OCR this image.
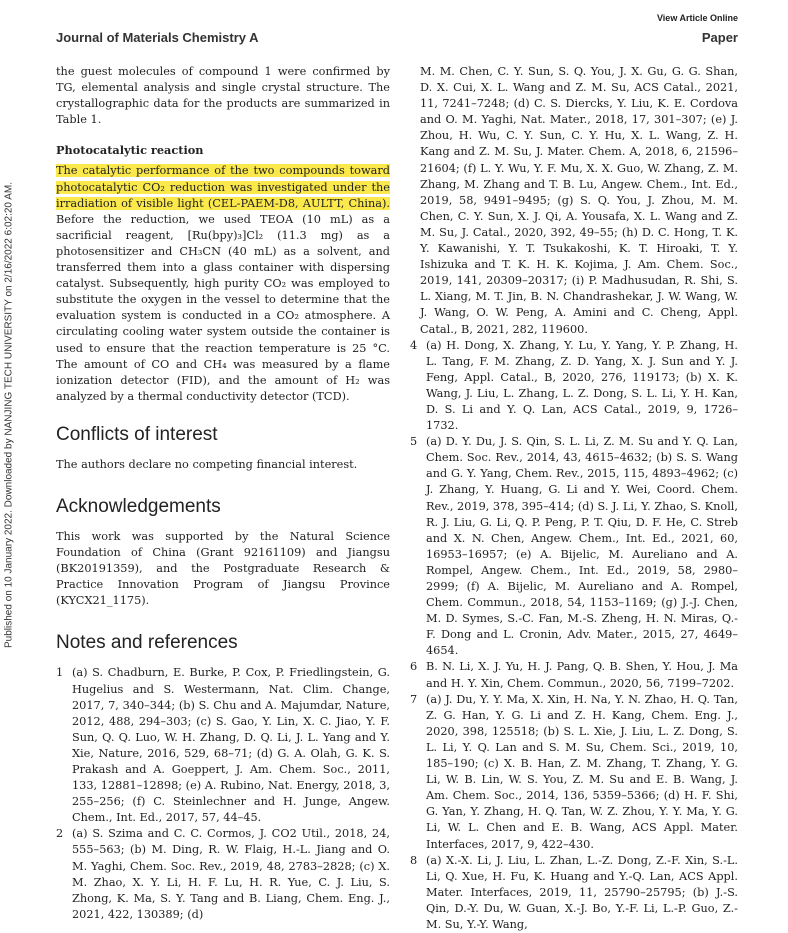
Published on 10 January 2022. Downloaded by NANJING TECH UNIVERSITY on 2/16/2022 6:02:20 AM.
View Article Online
Journal of Materials Chemistry A	Paper

the guest molecules of compound 1 were confirmed by TG, elemental analysis and single crystal structure. The crystallographic data for the products are summarized in Table 1.

Photocatalytic reaction

The catalytic performance of the two compounds toward photocatalytic CO₂ reduction was investigated under the irradiation of visible light (CEL-PAEM-D8, AULTT, China). Before the reduction, we used TEOA (10 mL) as a sacrificial reagent, [Ru(bpy)₃]Cl₂ (11.3 mg) as a photosensitizer and CH₃CN (40 mL) as a solvent, and transferred them into a glass container with dispersing catalyst. Subsequently, high purity CO₂ was employed to substitute the oxygen in the vessel to determine that the evaluation system is conducted in a CO₂ atmosphere. A circulating cooling water system outside the container is used to ensure that the reaction temperature is 25 °C. The amount of CO and CH₄ was measured by a flame ionization detector (FID), and the amount of H₂ was analyzed by a thermal conductivity detector (TCD).

Conflicts of interest

The authors declare no competing financial interest.

Acknowledgements

This work was supported by the Natural Science Foundation of China (Grant 92161109) and Jiangsu (BK20191359), and the Postgraduate Research & Practice Innovation Program of Jiangsu Province (KYCX21_1175).

Notes and references
1 (a) S. Chadburn, E. Burke, P. Cox, P. Friedlingstein, G. Hugelius and S. Westermann, Nat. Clim. Change, 2017, 7, 340–344; (b) S. Chu and A. Majumdar, Nature, 2012, 488, 294–303; (c) S. Gao, Y. Lin, X. C. Jiao, Y. F. Sun, Q. Q. Luo, W. H. Zhang, D. Q. Li, J. L. Yang and Y. Xie, Nature, 2016, 529, 68–71; (d) G. A. Olah, G. K. S. Prakash and A. Goeppert, J. Am. Chem. Soc., 2011, 133, 12881–12898; (e) A. Rubino, Nat. Energy, 2018, 3, 255–256; (f) C. Steinlechner and H. Junge, Angew. Chem., Int. Ed., 2017, 57, 44–45.
2 (a) S. Szima and C. C. Cormos, J. CO2 Util., 2018, 24, 555–563; (b) M. Ding, R. W. Flaig, H.-L. Jiang and O. M. Yaghi, Chem. Soc. Rev., 2019, 48, 2783–2828; (c) X. M. Zhao, X. Y. Li, H. F. Lu, H. R. Yue, C. J. Liu, S. Zhong, K. Ma, S. Y. Tang and B. Liang, Chem. Eng. J., 2021, 422, 130389; (d)
M. M. Chen, C. Y. Sun, S. Q. You, J. X. Gu, G. G. Shan, D. X. Cui, X. L. Wang and Z. M. Su, ACS Catal., 2021, 11, 7241–7248; (d) C. S. Diercks, Y. Liu, K. E. Cordova and O. M. Yaghi, Nat. Mater., 2018, 17, 301–307; (e) J. Zhou, H. Wu, C. Y. Sun, C. Y. Hu, X. L. Wang, Z. H. Kang and Z. M. Su, J. Mater. Chem. A, 2018, 6, 21596–21604; (f) L. Y. Wu, Y. F. Mu, X. X. Guo, W. Zhang, Z. M. Zhang, M. Zhang and T. B. Lu, Angew. Chem., Int. Ed., 2019, 58, 9491–9495; (g) S. Q. You, J. Zhou, M. M. Chen, C. Y. Sun, X. J. Qi, A. Yousafa, X. L. Wang and Z. M. Su, J. Catal., 2020, 392, 49–55; (h) D. C. Hong, T. K. Y. Kawanishi, Y. T. Tsukakoshi, K. T. Hiroaki, T. Y. Ishizuka and T. K. H. K. Kojima, J. Am. Chem. Soc., 2019, 141, 20309–20317; (i) P. Madhusudan, R. Shi, S. L. Xiang, M. T. Jin, B. N. Chandrashekar, J. W. Wang, W. J. Wang, O. W. Peng, A. Amini and C. Cheng, Appl. Catal., B, 2021, 282, 119600.
4 (a) H. Dong, X. Zhang, Y. Lu, Y. Yang, Y. P. Zhang, H. L. Tang, F. M. Zhang, Z. D. Yang, X. J. Sun and Y. J. Feng, Appl. Catal., B, 2020, 276, 119173; (b) X. K. Wang, J. Liu, L. Zhang, L. Z. Dong, S. L. Li, Y. H. Kan, D. S. Li and Y. Q. Lan, ACS Catal., 2019, 9, 1726–1732.
5 (a) D. Y. Du, J. S. Qin, S. L. Li, Z. M. Su and Y. Q. Lan, Chem. Soc. Rev., 2014, 43, 4615–4632; (b) S. S. Wang and G. Y. Yang, Chem. Rev., 2015, 115, 4893–4962; (c) J. Zhang, Y. Huang, G. Li and Y. Wei, Coord. Chem. Rev., 2019, 378, 395–414; (d) S. J. Li, Y. Zhao, S. Knoll, R. J. Liu, G. Li, Q. P. Peng, P. T. Qiu, D. F. He, C. Streb and X. N. Chen, Angew. Chem., Int. Ed., 2021, 60, 16953–16957; (e) A. Bijelic, M. Aureliano and A. Rompel, Angew. Chem., Int. Ed., 2019, 58, 2980–2999; (f) A. Bijelic, M. Aureliano and A. Rompel, Chem. Commun., 2018, 54, 1153–1169; (g) J.-J. Chen, M. D. Symes, S.-C. Fan, M.-S. Zheng, H. N. Miras, Q.-F. Dong and L. Cronin, Adv. Mater., 2015, 27, 4649–4654.
6 B. N. Li, X. J. Yu, H. J. Pang, Q. B. Shen, Y. Hou, J. Ma and H. Y. Xin, Chem. Commun., 2020, 56, 7199–7202.
7 (a) J. Du, Y. Y. Ma, X. Xin, H. Na, Y. N. Zhao, H. Q. Tan, Z. G. Han, Y. G. Li and Z. H. Kang, Chem. Eng. J., 2020, 398, 125518; (b) S. L. Xie, J. Liu, L. Z. Dong, S. L. Li, Y. Q. Lan and S. M. Su, Chem. Sci., 2019, 10, 185–190; (c) X. B. Han, Z. M. Zhang, T. Zhang, Y. G. Li, W. B. Lin, W. S. You, Z. M. Su and E. B. Wang, J. Am. Chem. Soc., 2014, 136, 5359–5366; (d) H. F. Shi, G. Yan, Y. Zhang, H. Q. Tan, W. Z. Zhou, Y. Y. Ma, Y. G. Li, W. L. Chen and E. B. Wang, ACS Appl. Mater. Interfaces, 2017, 9, 422–430.
8 (a) X.-X. Li, J. Liu, L. Zhan, L.-Z. Dong, Z.-F. Xin, S.-L. Li, Q. Xue, H. Fu, K. Huang and Y.-Q. Lan, ACS Appl. Mater. Interfaces, 2019, 11, 25790–25795; (b) J.-S. Qin, D.-Y. Du, W. Guan, X.-J. Bo, Y.-F. Li, L.-P. Guo, Z.-M. Su, Y.-Y. Wang,
